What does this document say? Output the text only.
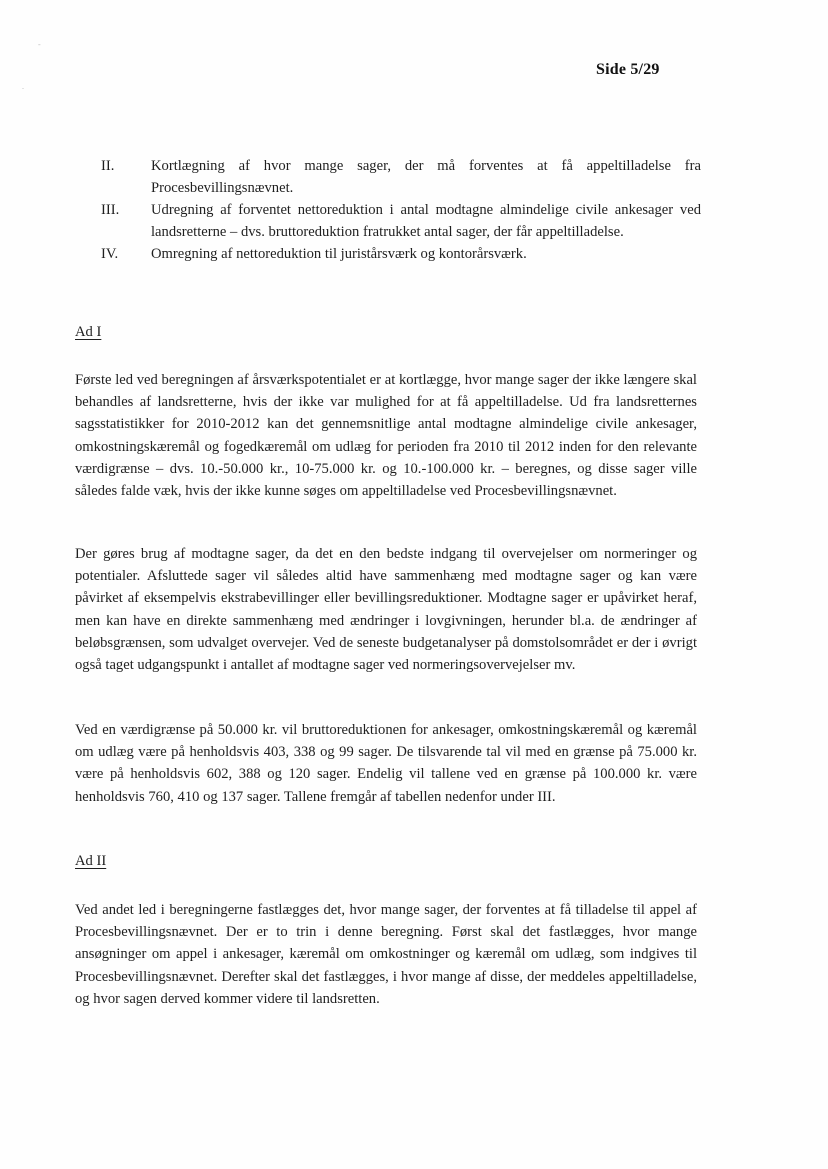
-
.
Side 5/29
II.	Kortlægning af hvor mange sager, der må forventes at få appeltilladelse fra Procesbevillingsnævnet.
III.	Udregning af forventet nettoreduktion i antal modtagne almindelige civile ankesager ved landsretterne – dvs. bruttoreduktion fratrukket antal sager, der får appeltilladelse.
IV.	Omregning af nettoreduktion til juristårsværk og kontorårsværk.
Ad I

Første led ved beregningen af årsværkspotentialet er at kortlægge, hvor mange sager der ikke længere skal behandles af landsretterne, hvis der ikke var mulighed for at få appeltilladelse. Ud fra landsretternes sagsstatistikker for 2010-2012 kan det gennemsnitlige antal modtagne almindelige civile ankesager, omkostningskæremål og fogedkæremål om udlæg for perioden fra 2010 til 2012 inden for den relevante værdigrænse – dvs. 10.-50.000 kr., 10-75.000 kr. og 10.-100.000 kr. – beregnes, og disse sager ville således falde væk, hvis der ikke kunne søges om appeltilladelse ved Procesbevillingsnævnet.

Der gøres brug af modtagne sager, da det en den bedste indgang til overvejelser om normeringer og potentialer. Afsluttede sager vil således altid have sammenhæng med modtagne sager og kan være påvirket af eksempelvis ekstrabevillinger eller bevillingsreduktioner. Modtagne sager er upåvirket heraf, men kan have en direkte sammenhæng med ændringer i lovgivningen, herunder bl.a. de ændringer af beløbsgrænsen, som udvalget overvejer. Ved de seneste budgetanalyser på domstolsområdet er der i øvrigt også taget udgangspunkt i antallet af modtagne sager ved normeringsovervejelser mv.

Ved en værdigrænse på 50.000 kr. vil bruttoreduktionen for ankesager, omkostningskæremål og kæremål om udlæg være på henholdsvis 403, 338 og 99 sager. De tilsvarende tal vil med en grænse på 75.000 kr. være på henholdsvis 602, 388 og 120 sager. Endelig vil tallene ved en grænse på 100.000 kr. være henholdsvis 760, 410 og 137 sager. Tallene fremgår af tabellen nedenfor under III.

Ad II

Ved andet led i beregningerne fastlægges det, hvor mange sager, der forventes at få tilladelse til appel af Procesbevillingsnævnet. Der er to trin i denne beregning. Først skal det fastlægges, hvor mange ansøgninger om appel i ankesager, kæremål om omkostninger og kæremål om udlæg, som indgives til Procesbevillingsnævnet. Derefter skal det fastlægges, i hvor mange af disse, der meddeles appeltilladelse, og hvor sagen derved kommer videre til landsretten.
